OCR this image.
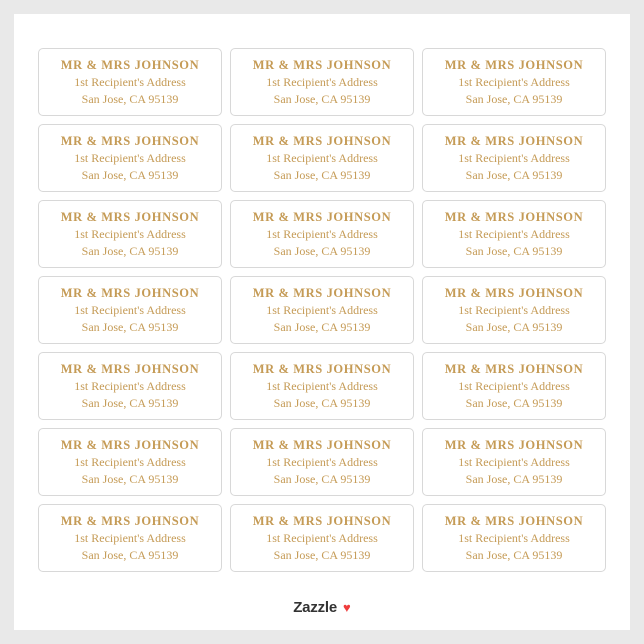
MR & MRS JOHNSON
1st Recipient's Address
San Jose, CA 95139
MR & MRS JOHNSON
1st Recipient's Address
San Jose, CA 95139
MR & MRS JOHNSON
1st Recipient's Address
San Jose, CA 95139
MR & MRS JOHNSON
1st Recipient's Address
San Jose, CA 95139
MR & MRS JOHNSON
1st Recipient's Address
San Jose, CA 95139
MR & MRS JOHNSON
1st Recipient's Address
San Jose, CA 95139
MR & MRS JOHNSON
1st Recipient's Address
San Jose, CA 95139
MR & MRS JOHNSON
1st Recipient's Address
San Jose, CA 95139
MR & MRS JOHNSON
1st Recipient's Address
San Jose, CA 95139
MR & MRS JOHNSON
1st Recipient's Address
San Jose, CA 95139
MR & MRS JOHNSON
1st Recipient's Address
San Jose, CA 95139
MR & MRS JOHNSON
1st Recipient's Address
San Jose, CA 95139
MR & MRS JOHNSON
1st Recipient's Address
San Jose, CA 95139
MR & MRS JOHNSON
1st Recipient's Address
San Jose, CA 95139
MR & MRS JOHNSON
1st Recipient's Address
San Jose, CA 95139
MR & MRS JOHNSON
1st Recipient's Address
San Jose, CA 95139
MR & MRS JOHNSON
1st Recipient's Address
San Jose, CA 95139
MR & MRS JOHNSON
1st Recipient's Address
San Jose, CA 95139
MR & MRS JOHNSON
1st Recipient's Address
San Jose, CA 95139
MR & MRS JOHNSON
1st Recipient's Address
San Jose, CA 95139
MR & MRS JOHNSON
1st Recipient's Address
San Jose, CA 95139
Zazzle ♥
